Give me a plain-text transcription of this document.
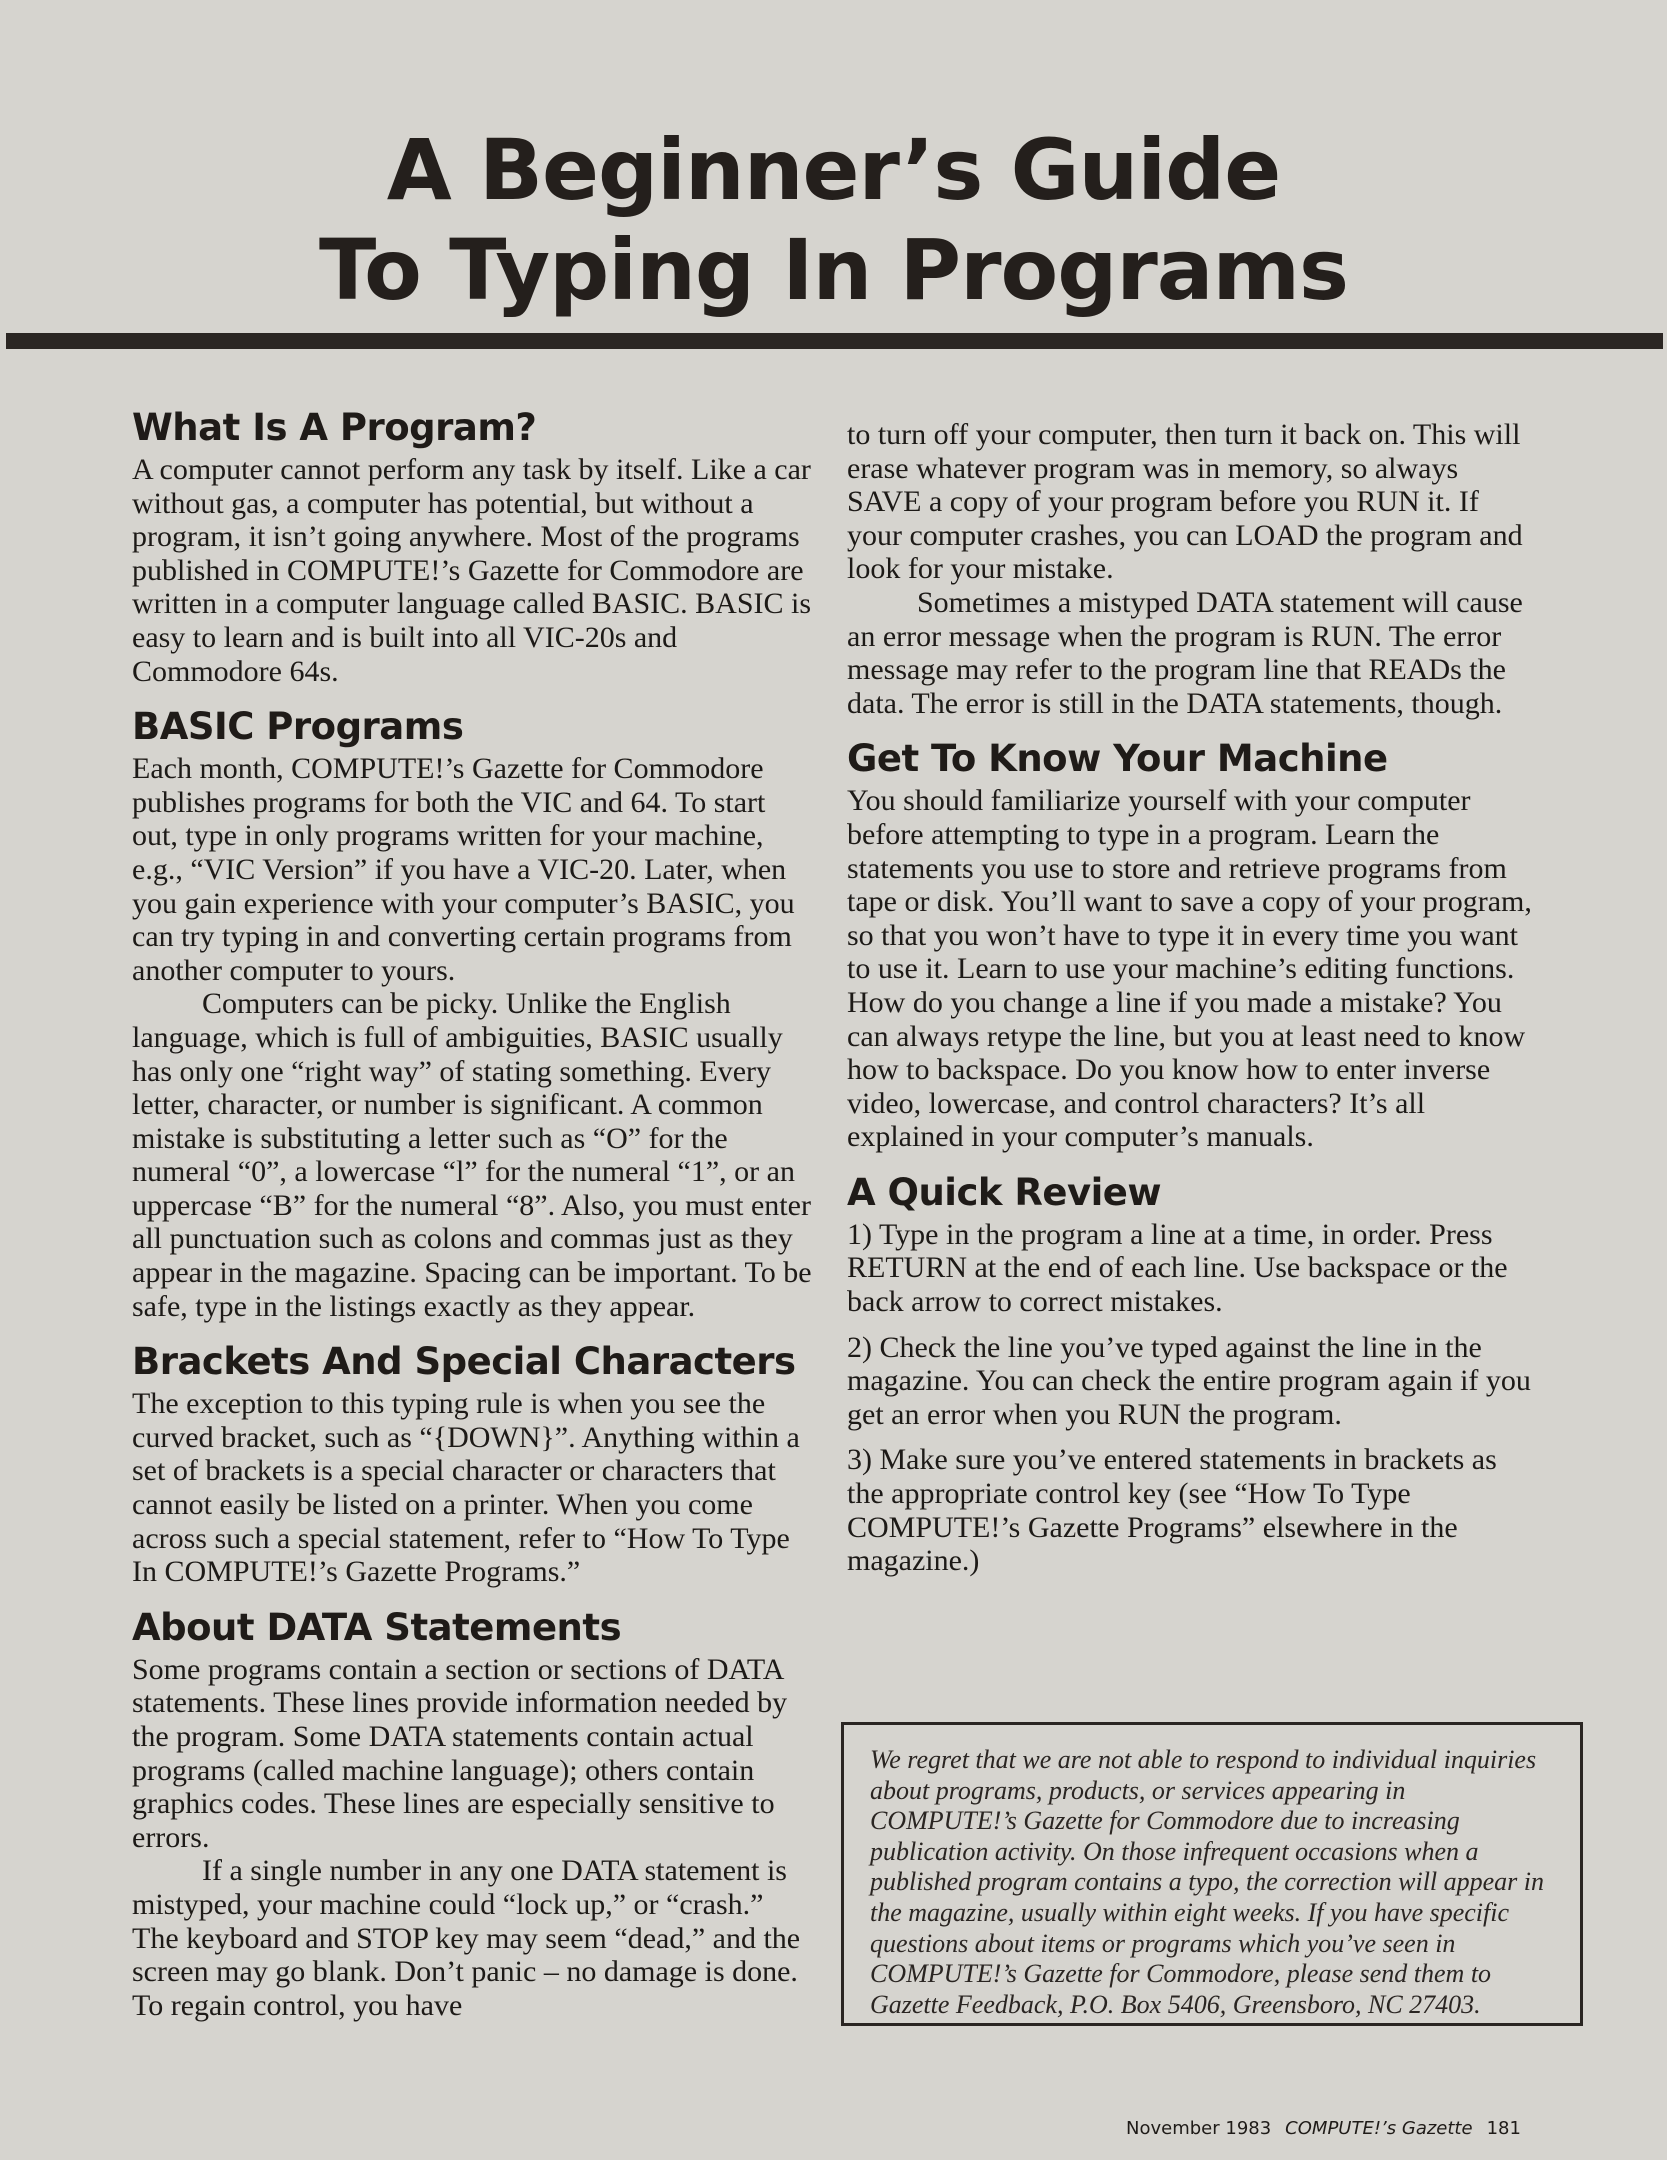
A Beginner’s Guide
To Typing In Programs
What Is A Program?

A computer cannot perform any task by itself. Like a car without gas, a computer has potential, but without a program, it isn’t going anywhere. Most of the programs published in COMPUTE!’s Gazette for Commodore are written in a computer language called BASIC. BASIC is easy to learn and is built into all VIC-20s and Commodore 64s.

BASIC Programs

Each month, COMPUTE!’s Gazette for Commodore publishes programs for both the VIC and 64. To start out, type in only programs written for your machine, e.g., “VIC Version” if you have a VIC-20. Later, when you gain experience with your computer’s BASIC, you can try typing in and converting certain programs from another computer to yours.

Computers can be picky. Unlike the English language, which is full of ambiguities, BASIC usually has only one “right way” of stating something. Every letter, character, or number is significant. A common mistake is substituting a letter such as “O” for the numeral “0”, a lowercase “l” for the numeral “1”, or an uppercase “B” for the numeral “8”. Also, you must enter all punctuation such as colons and commas just as they appear in the magazine. Spacing can be important. To be safe, type in the listings exactly as they appear.

Brackets And Special Characters

The exception to this typing rule is when you see the curved bracket, such as “{DOWN}”. Anything within a set of brackets is a special character or characters that cannot easily be listed on a printer. When you come across such a special statement, refer to “How To Type In COMPUTE!’s Gazette Programs.”

About DATA Statements

Some programs contain a section or sections of DATA statements. These lines provide information needed by the program. Some DATA statements contain actual programs (called machine language); others contain graphics codes. These lines are especially sensitive to errors.

If a single number in any one DATA statement is mistyped, your machine could “lock up,” or “crash.” The keyboard and STOP key may seem “dead,” and the screen may go blank. Don’t panic – no damage is done. To regain control, you have

to turn off your computer, then turn it back on. This will erase whatever program was in memory, so always SAVE a copy of your program before you RUN it. If your computer crashes, you can LOAD the program and look for your mistake.

Sometimes a mistyped DATA statement will cause an error message when the program is RUN. The error message may refer to the program line that READs the data. The error is still in the DATA statements, though.

Get To Know Your Machine

You should familiarize yourself with your computer before attempting to type in a program. Learn the statements you use to store and retrieve programs from tape or disk. You’ll want to save a copy of your program, so that you won’t have to type it in every time you want to use it. Learn to use your machine’s editing functions. How do you change a line if you made a mistake? You can always retype the line, but you at least need to know how to backspace. Do you know how to enter inverse video, lowercase, and control characters? It’s all explained in your computer’s manuals.

A Quick Review

1) Type in the program a line at a time, in order. Press RETURN at the end of each line. Use backspace or the back arrow to correct mistakes.

2) Check the line you’ve typed against the line in the magazine. You can check the entire program again if you get an error when you RUN the program.

3) Make sure you’ve entered statements in brackets as the appropriate control key (see “How To Type COMPUTE!’s Gazette Programs” elsewhere in the magazine.)

We regret that we are not able to respond to individual inquiries about programs, products, or services appearing in COMPUTE!’s Gazette for Commodore due to increasing publication activity. On those infrequent occasions when a published program contains a typo, the correction will appear in the magazine, usually within eight weeks. If you have specific questions about items or programs which you’ve seen in COMPUTE!’s Gazette for Commodore, please send them to Gazette Feedback, P.O. Box 5406, Greensboro, NC 27403.
November 1983 COMPUTE!’s Gazette 181
